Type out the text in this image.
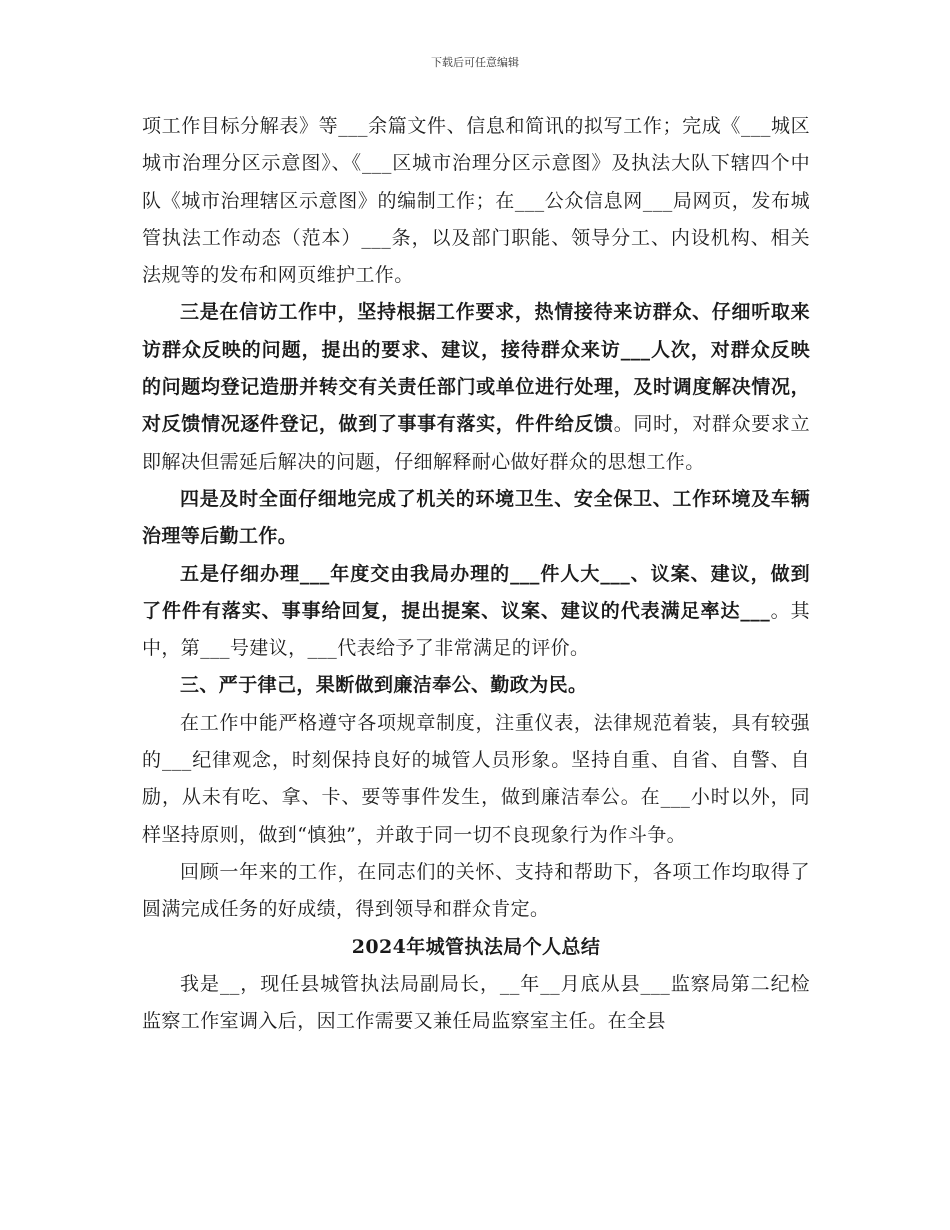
下载后可任意编辑

项工作目标分解表》等___余篇文件、信息和简讯的拟写工作；完成《___城区城市治理分区示意图》、《___区城市治理分区示意图》及执法大队下辖四个中队《城市治理辖区示意图》的编制工作；在___公众信息网___局网页，发布城管执法工作动态（范本）___条，以及部门职能、领导分工、内设机构、相关法规等的发布和网页维护工作。

三是在信访工作中，坚持根据工作要求，热情接待来访群众、仔细听取来访群众反映的问题，提出的要求、建议，接待群众来访___人次，对群众反映的问题均登记造册并转交有关责任部门或单位进行处理，及时调度解决情况，对反馈情况逐件登记，做到了事事有落实，件件给反馈。同时，对群众要求立即解决但需延后解决的问题，仔细解释耐心做好群众的思想工作。

四是及时全面仔细地完成了机关的环境卫生、安全保卫、工作环境及车辆治理等后勤工作。

五是仔细办理___年度交由我局办理的___件人大___、议案、建议，做到了件件有落实、事事给回复，提出提案、议案、建议的代表满足率达___。其中，第___号建议，___代表给予了非常满足的评价。

三、严于律己，果断做到廉洁奉公、勤政为民。

在工作中能严格遵守各项规章制度，注重仪表，法律规范着装，具有较强的___纪律观念，时刻保持良好的城管人员形象。坚持自重、自省、自警、自励，从未有吃、拿、卡、要等事件发生，做到廉洁奉公。在___小时以外，同样坚持原则，做到“慎独”，并敢于同一切不良现象行为作斗争。

回顾一年来的工作，在同志们的关怀、支持和帮助下，各项工作均取得了圆满完成任务的好成绩，得到领导和群众肯定。

2024年城管执法局个人总结

我是__，现任县城管执法局副局长，__年__月底从县___监察局第二纪检监察工作室调入后，因工作需要又兼任局监察室主任。在全县
